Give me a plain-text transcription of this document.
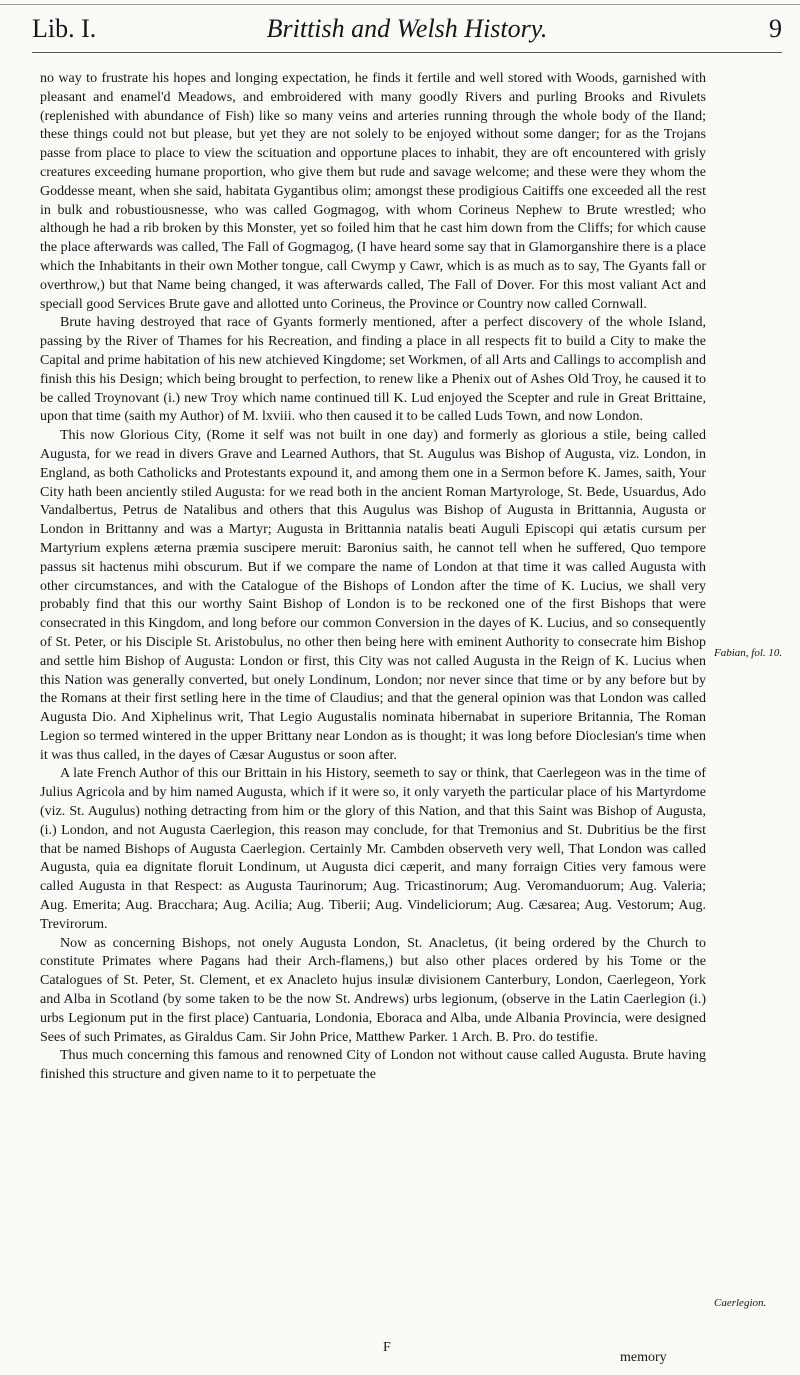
Lib. I.	Brittish and Welsh History.	9

no way to frustrate his hopes and longing expectation, he finds it fertile and well stored with Woods, garnished with pleasant and enamel'd Meadows, and embroidered with many goodly Rivers and purling Brooks and Rivulets (replenished with abundance of Fish) like so many veins and arteries running through the whole body of the Iland; these things could not but please, but yet they are not solely to be enjoyed without some danger; for as the Trojans passe from place to place to view the scituation and opportune places to inhabit, they are oft encountered with grisly creatures exceeding humane proportion, who give them but rude and savage welcome; and these were they whom the Goddesse meant, when she said, habitata Gygantibus olim; amongst these prodigious Caitiffs one exceeded all the rest in bulk and robustiousnesse, who was called Gogmagog, with whom Corineus Nephew to Brute wrestled; who although he had a rib broken by this Monster, yet so foiled him that he cast him down from the Cliffs; for which cause the place afterwards was called, The Fall of Gogmagog, (I have heard some say that in Glamorganshire there is a place which the Inhabitants in their own Mother tongue, call Cwymp y Cawr, which is as much as to say, The Gyants fall or overthrow,) but that Name being changed, it was afterwards called, The Fall of Dover. For this most valiant Act and speciall good Services Brute gave and allotted unto Corineus, the Province or Country now called Cornwall.

Brute having destroyed that race of Gyants formerly mentioned, after a perfect discovery of the whole Island, passing by the River of Thames for his Recreation, and finding a place in all respects fit to build a City to make the Capital and prime habitation of his new atchieved Kingdome; set Workmen, of all Arts and Callings to accomplish and finish this his Design; which being brought to perfection, to renew like a Phenix out of Ashes Old Troy, he caused it to be called Troynovant (i.) new Troy which name continued till K. Lud enjoyed the Scepter and rule in Great Brittaine, upon that time (saith my Author) of M. lxviii. who then caused it to be called Luds Town, and now London.

This now Glorious City, (Rome it self was not built in one day) and formerly as glorious a stile, being called Augusta, for we read in divers Grave and Learned Authors, that St. Augulus was Bishop of Augusta, viz. London, in England, as both Catholicks and Protestants expound it, and among them one in a Sermon before K. James, saith, Your City hath been anciently stiled Augusta: for we read both in the ancient Roman Martyrologe, St. Bede, Usuardus, Ado Vandalbertus, Petrus de Natalibus and others that this Augulus was Bishop of Augusta in Brittannia, Augusta or London in Brittanny and was a Martyr; Augusta in Brittannia natalis beati Auguli Episcopi qui ætatis cursum per Martyrium explens æterna præmia suscipere meruit: Baronius saith, he cannot tell when he suffered, Quo tempore passus sit hactenus mihi obscurum. But if we compare the name of London at that time it was called Augusta with other circumstances, and with the Catalogue of the Bishops of London after the time of K. Lucius, we shall very probably find that this our worthy Saint Bishop of London is to be reckoned one of the first Bishops that were consecrated in this Kingdom, and long before our common Conversion in the dayes of K. Lucius, and so consequently of St. Peter, or his Disciple St. Aristobulus, no other then being here with eminent Authority to consecrate him Bishop and settle him Bishop of Augusta: London or first, this City was not called Augusta in the Reign of K. Lucius when this Nation was generally converted, but onely Londinum, London; nor never since that time or by any before but by the Romans at their first setling here in the time of Claudius; and that the general opinion was that London was called Augusta Dio. And Xiphelinus writ, That Legio Augustalis nominata hibernabat in superiore Britannia, The Roman Legion so termed wintered in the upper Brittany near London as is thought; it was long before Dioclesian's time when it was thus called, in the dayes of Cæsar Augustus or soon after.

A late French Author of this our Brittain in his History, seemeth to say or think, that Caerlegeon was in the time of Julius Agricola and by him named Augusta, which if it were so, it only varyeth the particular place of his Martyrdome (viz. St. Augulus) nothing detracting from him or the glory of this Nation, and that this Saint was Bishop of Augusta, (i.) London, and not Augusta Caerlegion, this reason may conclude, for that Tremonius and St. Dubritius be the first that be named Bishops of Augusta Caerlegion. Certainly Mr. Cambden observeth very well, That London was called Augusta, quia ea dignitate floruit Londinum, ut Augusta dici cæperit, and many forraign Cities very famous were called Augusta in that Respect: as Augusta Taurinorum; Aug. Tricastinorum; Aug. Veromanduorum; Aug. Valeria; Aug. Emerita; Aug. Bracchara; Aug. Acilia; Aug. Tiberii; Aug. Vindeliciorum; Aug. Cæsarea; Aug. Vestorum; Aug. Trevirorum.

Now as concerning Bishops, not onely Augusta London, St. Anacletus, (it being ordered by the Church to constitute Primates where Pagans had their Arch-flamens,) but also other places ordered by his Tome or the Catalogues of St. Peter, St. Clement, et ex Anacleto hujus insulæ divisionem Canterbury, London, Caerlegeon, York and Alba in Scotland (by some taken to be the now St. Andrews) urbs legionum, (observe in the Latin Caerlegion (i.) urbs Legionum put in the first place) Cantuaria, Londonia, Eboraca and Alba, unde Albania Provincia, were designed Sees of such Primates, as Giraldus Cam. Sir John Price, Matthew Parker. 1 Arch. B. Pro. do testifie.

Thus much concerning this famous and renowned City of London not without cause called Augusta. Brute having finished this structure and given name to it to perpetuate the

Fabian, fol. 10.
Caerlegion.
F
memory
